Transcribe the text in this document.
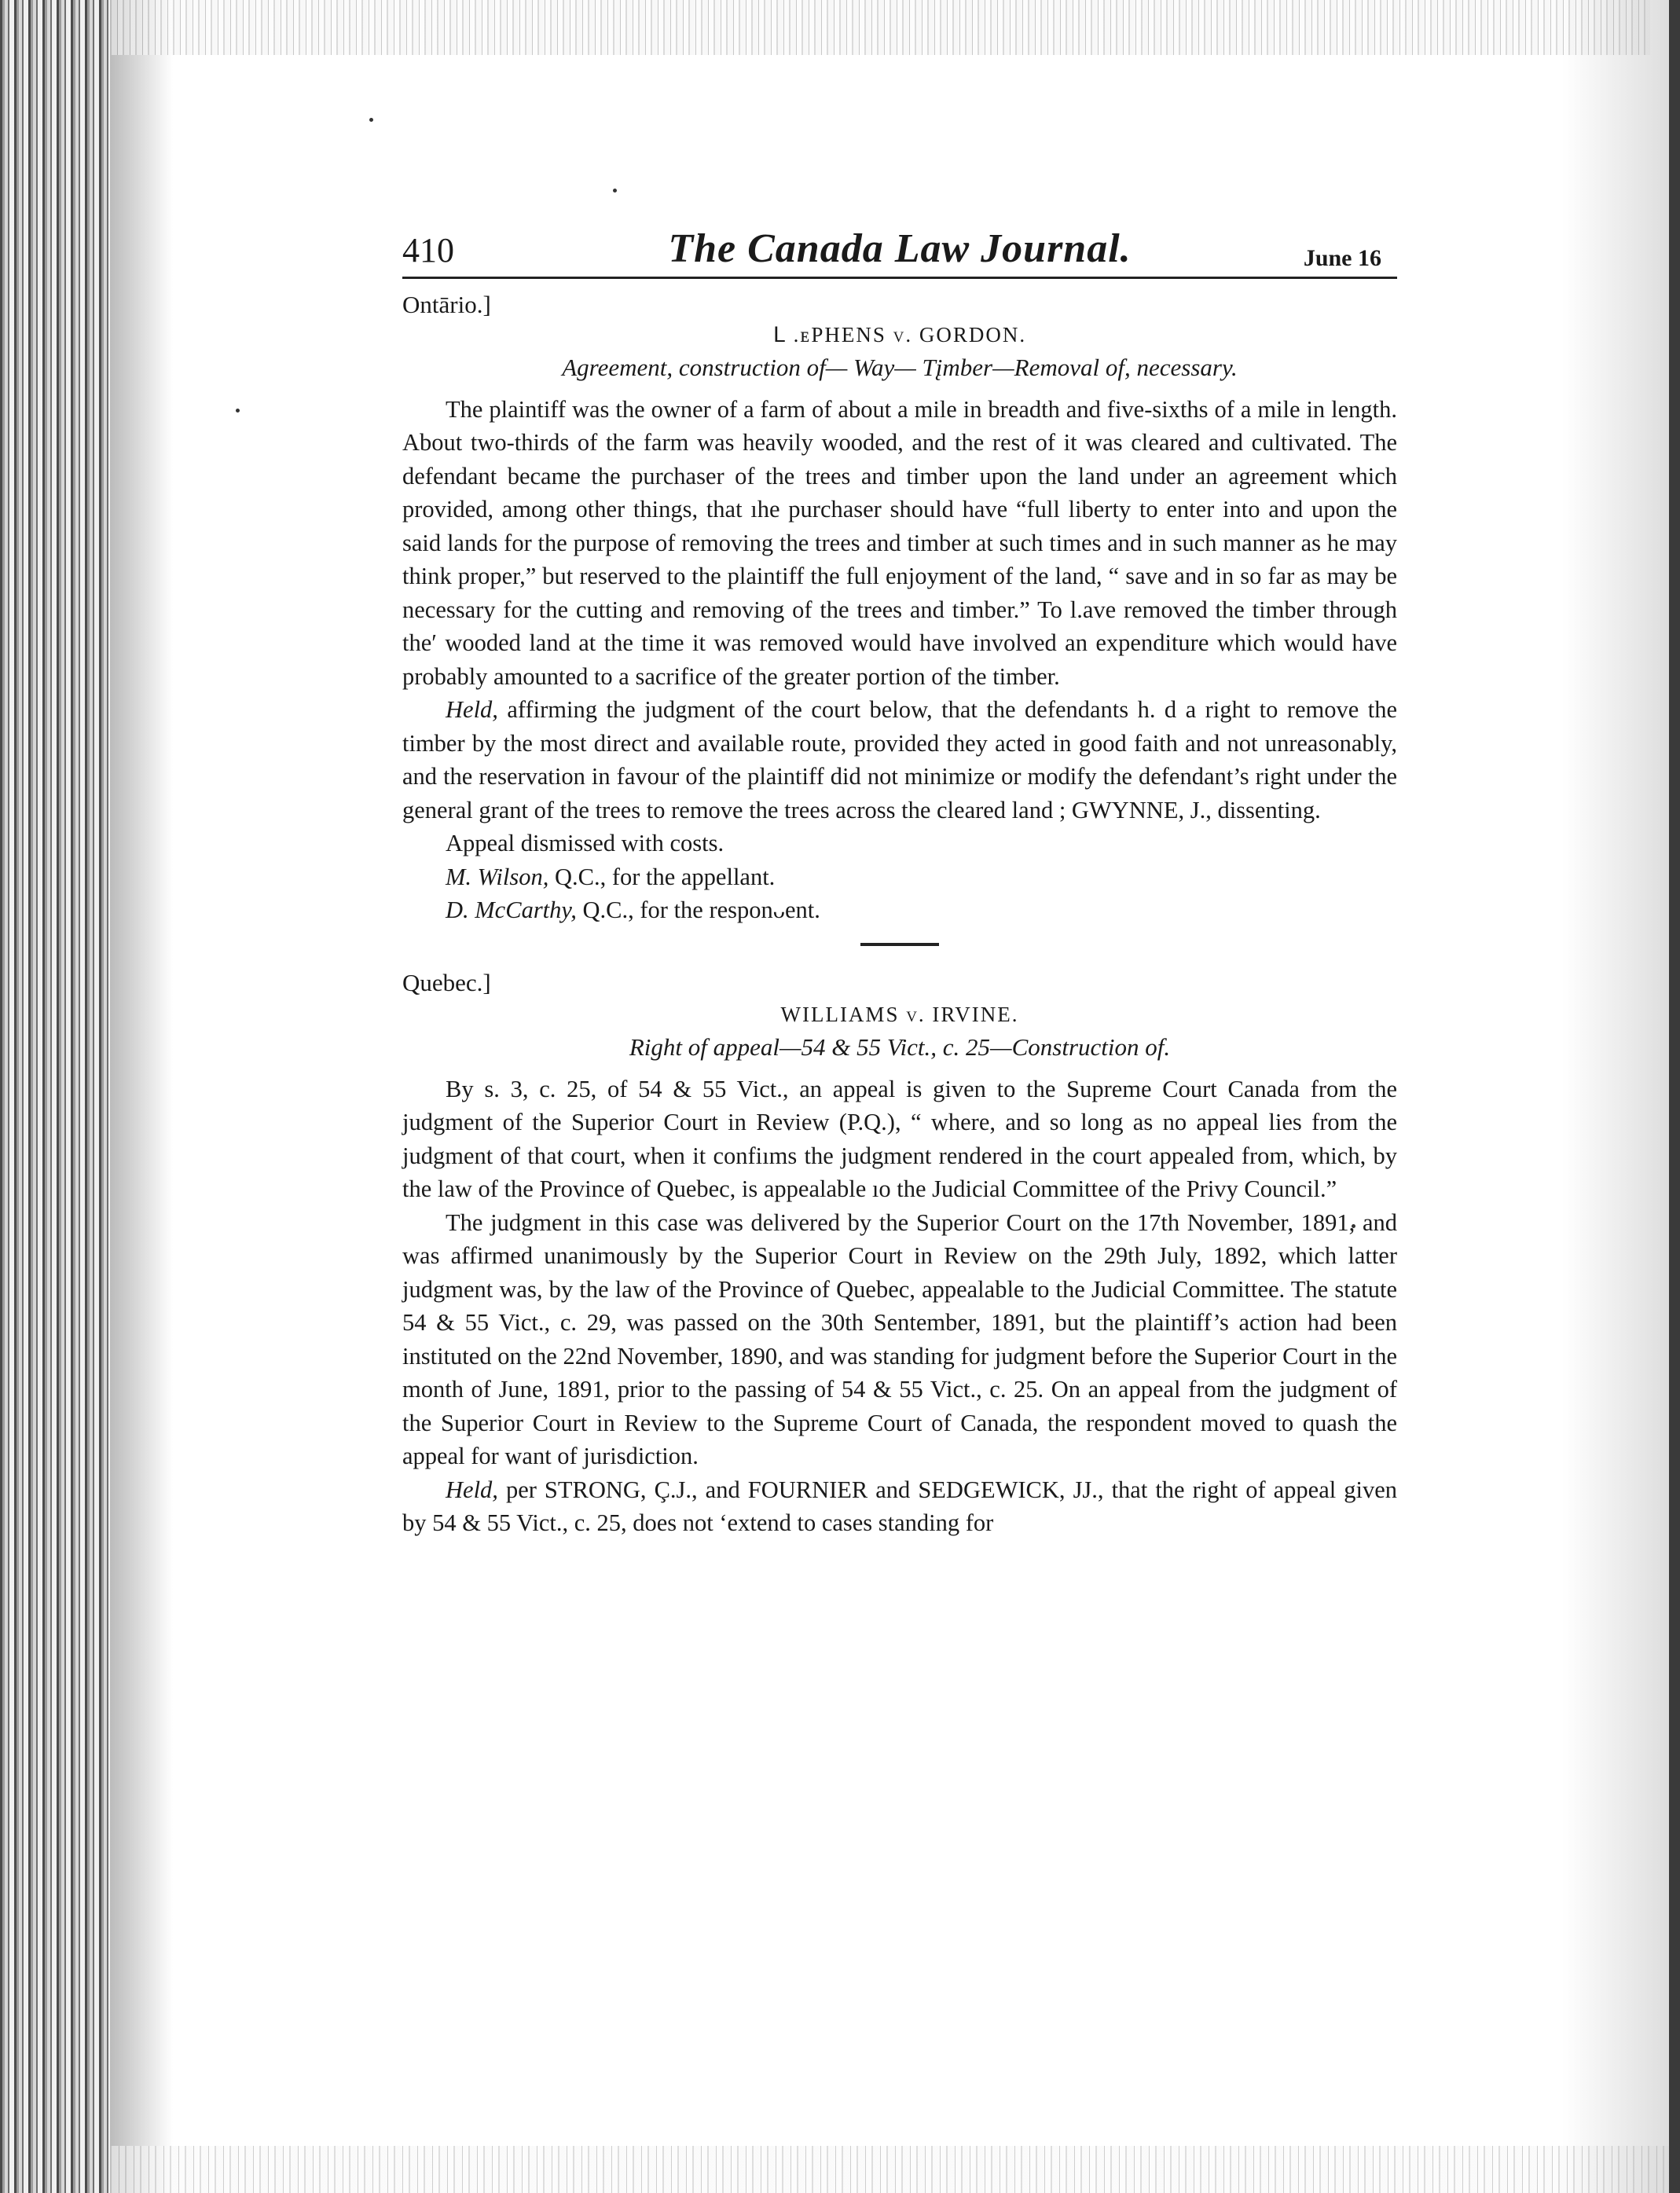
410	The Canada Law Journal.	June 16
Ontārio.]
ᒪ .ᴇPHENS v. GORDON.
Agreement, construction of— Way— Tįmber—Removal of, necessary.

The plaintiff was the owner of a farm of about a mile in breadth and five-sixths of a mile in length. About two-thirds of the farm was heavily wooded, and the rest of it was cleared and cultivated. The defendant became the purchaser of the trees and timber upon the land under an agreement which provided, among other things, that ıhe purchaser should have “full liberty to enter into and upon the said lands for the purpose of removing the trees and timber at such times and in such manner as he may think proper,” but reserved to the plaintiff the full enjoyment of the land, “ save and in so far as may be necessary for the cutting and removing of the trees and timber.” To l.ave removed the timber through the′ wooded land at the time it was removed would have involved an expenditure which would have probably amounted to a sacrifice of the greater portion of the timber.

Held, affirming the judgment of the court below, that the defendants h. d a right to remove the timber by the most direct and available route, provided they acted in good faith and not unreasonably, and the reservation in favour of the plaintiff did not minimize or modify the defendant’s right under the general grant of the trees to remove the trees across the cleared land ; GWYNNE, J., dissenting.

Appeal dismissed with costs.

M. Wilson, Q.C., for the appellant.

D. McCarthy, Q.C., for the responᴗent.

Quebec.]
WILLIAMS v. IRVINE.
Right of appeal—54 & 55 Vict., c. 25—Construction of.

By s. 3, c. 25, of 54 & 55 Vict., an appeal is given to the Supreme Court Canada from the judgment of the Superior Court in Review (P.Q.), “ where, and so long as no appeal lies from the judgment of that court, when it confiıms the judgment rendered in the court appealed from, which, by the law of the Province of Quebec, is appealable ıo the Judicial Committee of the Privy Council.”

The judgment in this case was delivered by the Superior Court on the 17th November, 1891, and was affirmed unanimously by the Superior Court in Review on the 29th July, 1892, which latter judgment was, by the law of the Province of Quebec, appealable to the Judicial Committee. The statute 54 & 55 Vict., c. 29, was passed on the 30th Sentember, 1891, but the plaintiff’s action had been instituted on the 22nd November, 1890, and was standing for judgment before the Superior Court in the month of June, 1891, prior to the passing of 54 & 55 Vict., c. 25. On an appeal from the judgment of the Superior Court in Review to the Supreme Court of Canada, the respondent moved to quash the appeal for want of jurisdiction.

Held, per STRONG, Ç.J., and FOURNIER and SEDGEWICK, JJ., that the right of appeal given by 54 & 55 Vict., c. 25, does not ‘extend to cases standing for
